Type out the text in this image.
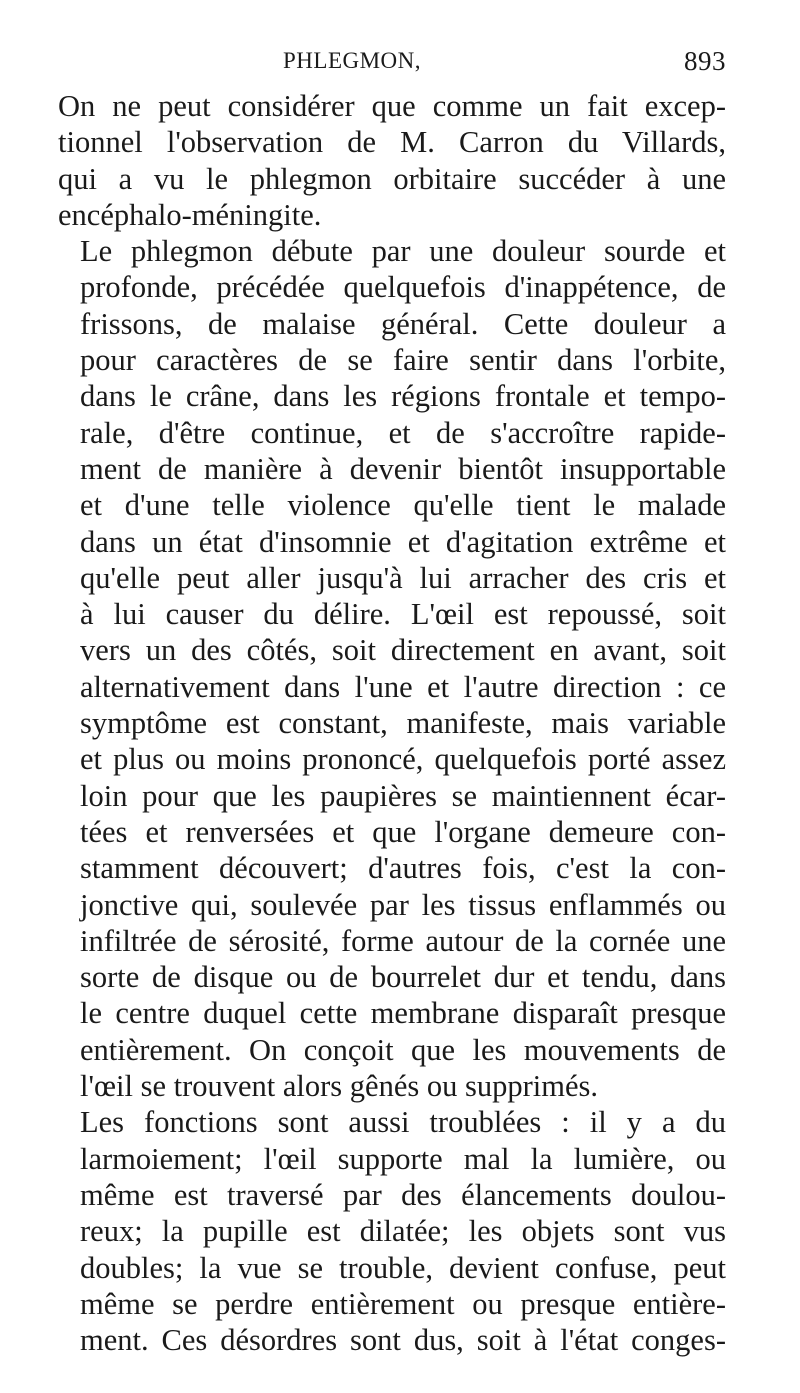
PHLEGMON,	893

On ne peut considérer que comme un fait excep-
tionnel l'observation de M. Carron du Villards,
qui a vu le phlegmon orbitaire succéder à une
encéphalo-méningite.

Le phlegmon débute par une douleur sourde et
profonde, précédée quelquefois d'inappétence, de
frissons, de malaise général. Cette douleur a
pour caractères de se faire sentir dans l'orbite,
dans le crâne, dans les régions frontale et tempo-
rale, d'être continue, et de s'accroître rapide-
ment de manière à devenir bientôt insupportable
et d'une telle violence qu'elle tient le malade
dans un état d'insomnie et d'agitation extrême et
qu'elle peut aller jusqu'à lui arracher des cris et
à lui causer du délire. L'œil est repoussé, soit
vers un des côtés, soit directement en avant, soit
alternativement dans l'une et l'autre direction : ce
symptôme est constant, manifeste, mais variable
et plus ou moins prononcé, quelquefois porté assez
loin pour que les paupières se maintiennent écar-
tées et renversées et que l'organe demeure con-
stamment découvert; d'autres fois, c'est la con-
jonctive qui, soulevée par les tissus enflammés ou
infiltrée de sérosité, forme autour de la cornée une
sorte de disque ou de bourrelet dur et tendu, dans
le centre duquel cette membrane disparaît presque
entièrement. On conçoit que les mouvements de
l'œil se trouvent alors gênés ou supprimés.

Les fonctions sont aussi troublées : il y a du
larmoiement; l'œil supporte mal la lumière, ou
même est traversé par des élancements doulou-
reux; la pupille est dilatée; les objets sont vus
doubles; la vue se trouble, devient confuse, peut
même se perdre entièrement ou presque entière-
ment. Ces désordres sont dus, soit à l'état conges-
